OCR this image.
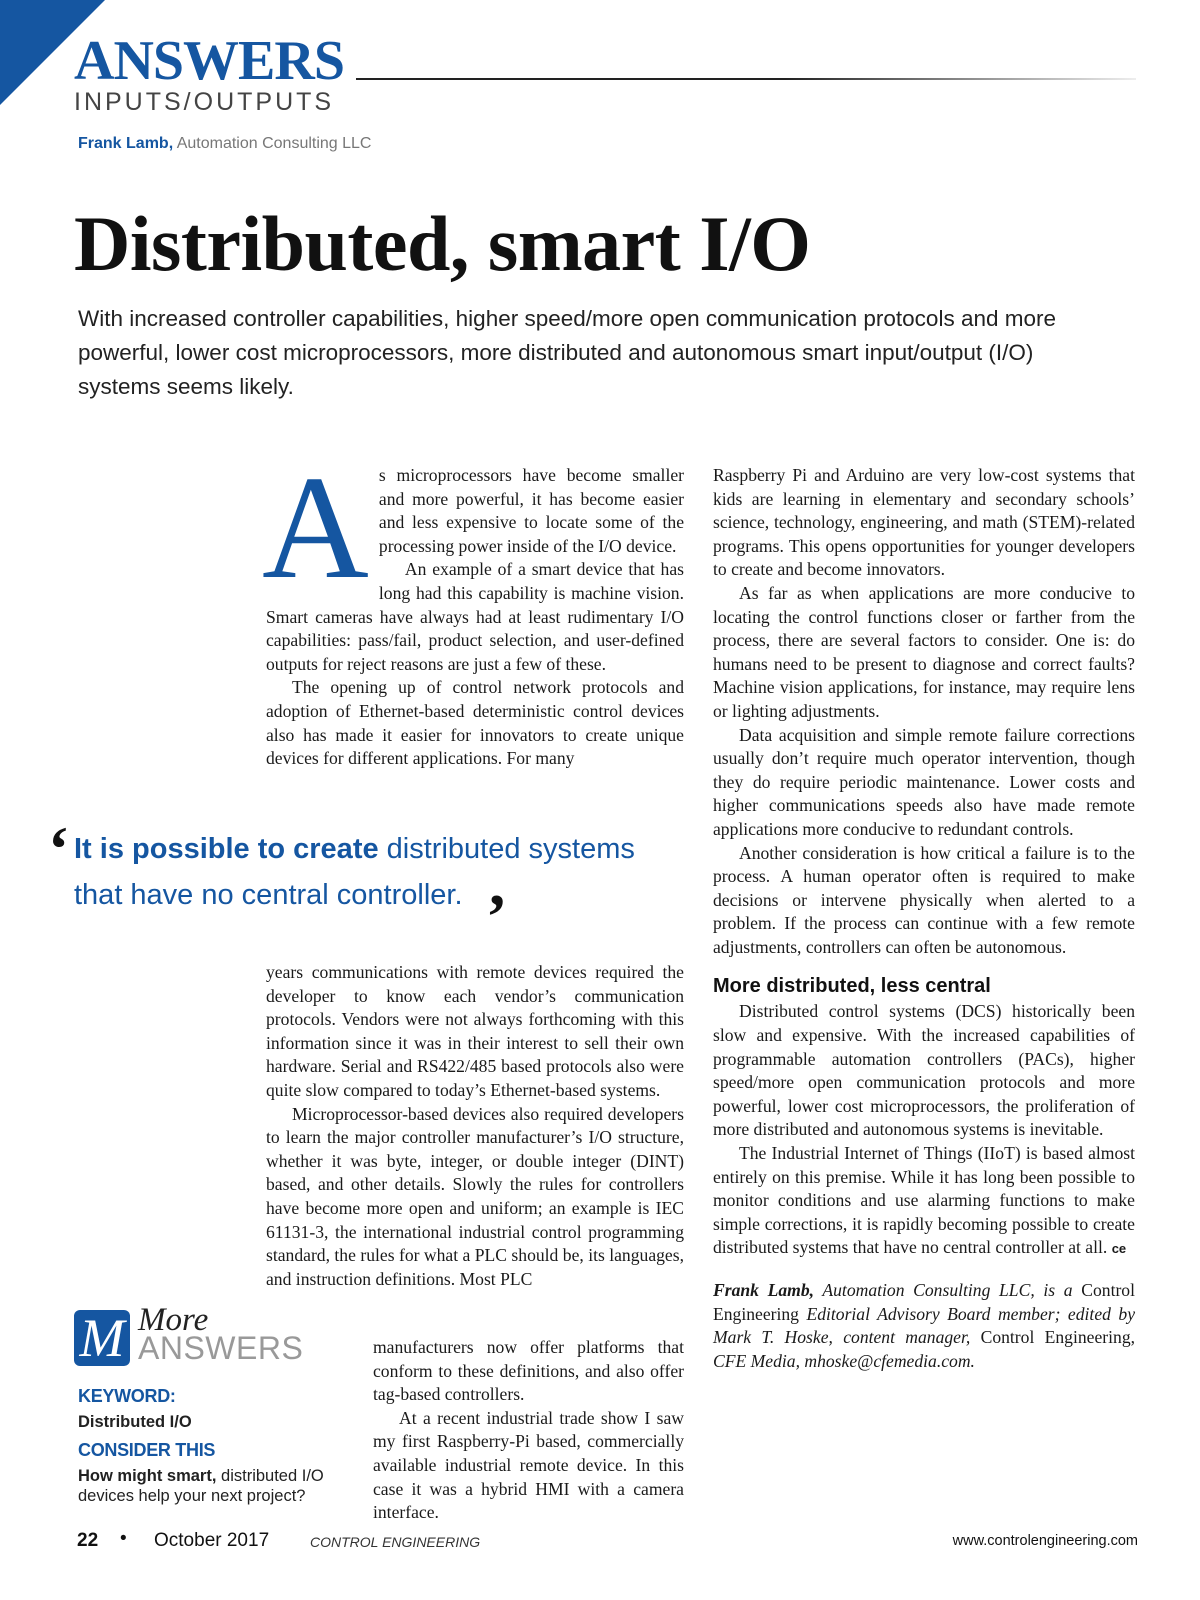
ANSWERS
INPUTS/OUTPUTS

Frank Lamb, Automation Consulting LLC

Distributed, smart I/O

With increased controller capabilities, higher speed/more open communication protocols and more powerful, lower cost microprocessors, more distributed and autonomous smart input/output (I/O) systems seems likely.

A s microprocessors have become smaller and more powerful, it has become easier and less expensive to locate some of the processing power inside of the I/O device.

An example of a smart device that has long had this capability is machine vision. Smart cameras have always had at least rudimentary I/O capabilities: pass/fail, product selection, and user-defined outputs for reject reasons are just a few of these.

The opening up of control network protocols and adoption of Ethernet-based deterministic control devices also has made it easier for innovators to create unique devices for different applications. For many

‘ It is possible to create distributed systems that have no central controller. ’

years communications with remote devices required the developer to know each vendor’s communication protocols. Vendors were not always forthcoming with this information since it was in their interest to sell their own hardware. Serial and RS422/485 based protocols also were quite slow compared to today’s Ethernet-based systems.

Microprocessor-based devices also required developers to learn the major controller manufacturer’s I/O structure, whether it was byte, integer, or double integer (DINT) based, and other details. Slowly the rules for controllers have become more open and uniform; an example is IEC 61131-3, the international industrial control programming standard, the rules for what a PLC should be, its languages, and instruction definitions. Most PLC

manufacturers now offer platforms that conform to these definitions, and also offer tag-based controllers.

At a recent industrial trade show I saw my first Raspberry-Pi based, commercially available industrial remote device. In this case it was a hybrid HMI with a camera interface.

Raspberry Pi and Arduino are very low-cost systems that kids are learning in elementary and secondary schools’ science, technology, engineering, and math (STEM)-related programs. This opens opportunities for younger developers to create and become innovators.

As far as when applications are more conducive to locating the control functions closer or farther from the process, there are several factors to consider. One is: do humans need to be present to diagnose and correct faults? Machine vision applications, for instance, may require lens or lighting adjustments.

Data acquisition and simple remote failure corrections usually don’t require much operator intervention, though they do require periodic maintenance. Lower costs and higher communications speeds also have made remote applications more conducive to redundant controls.

Another consideration is how critical a failure is to the process. A human operator often is required to make decisions or intervene physically when alerted to a problem. If the process can continue with a few remote adjustments, controllers can often be autonomous.

More distributed, less central

Distributed control systems (DCS) historically been slow and expensive. With the increased capabilities of programmable automation controllers (PACs), higher speed/more open communication protocols and more powerful, lower cost microprocessors, the proliferation of more distributed and autonomous systems is inevitable.

The Industrial Internet of Things (IIoT) is based almost entirely on this premise. While it has long been possible to monitor conditions and use alarming functions to make simple corrections, it is rapidly becoming possible to create distributed systems that have no central controller at all. ce

Frank Lamb, Automation Consulting LLC, is a Control Engineering Editorial Advisory Board member; edited by Mark T. Hoske, content manager, Control Engineering, CFE Media, mhoske@cfemedia.com.

M More
ANSWERS

KEYWORD:

Distributed I/O

CONSIDER THIS

How might smart, distributed I/O devices help your next project?

22 • October 2017	CONTROL ENGINEERING	www.controlengineering.com
